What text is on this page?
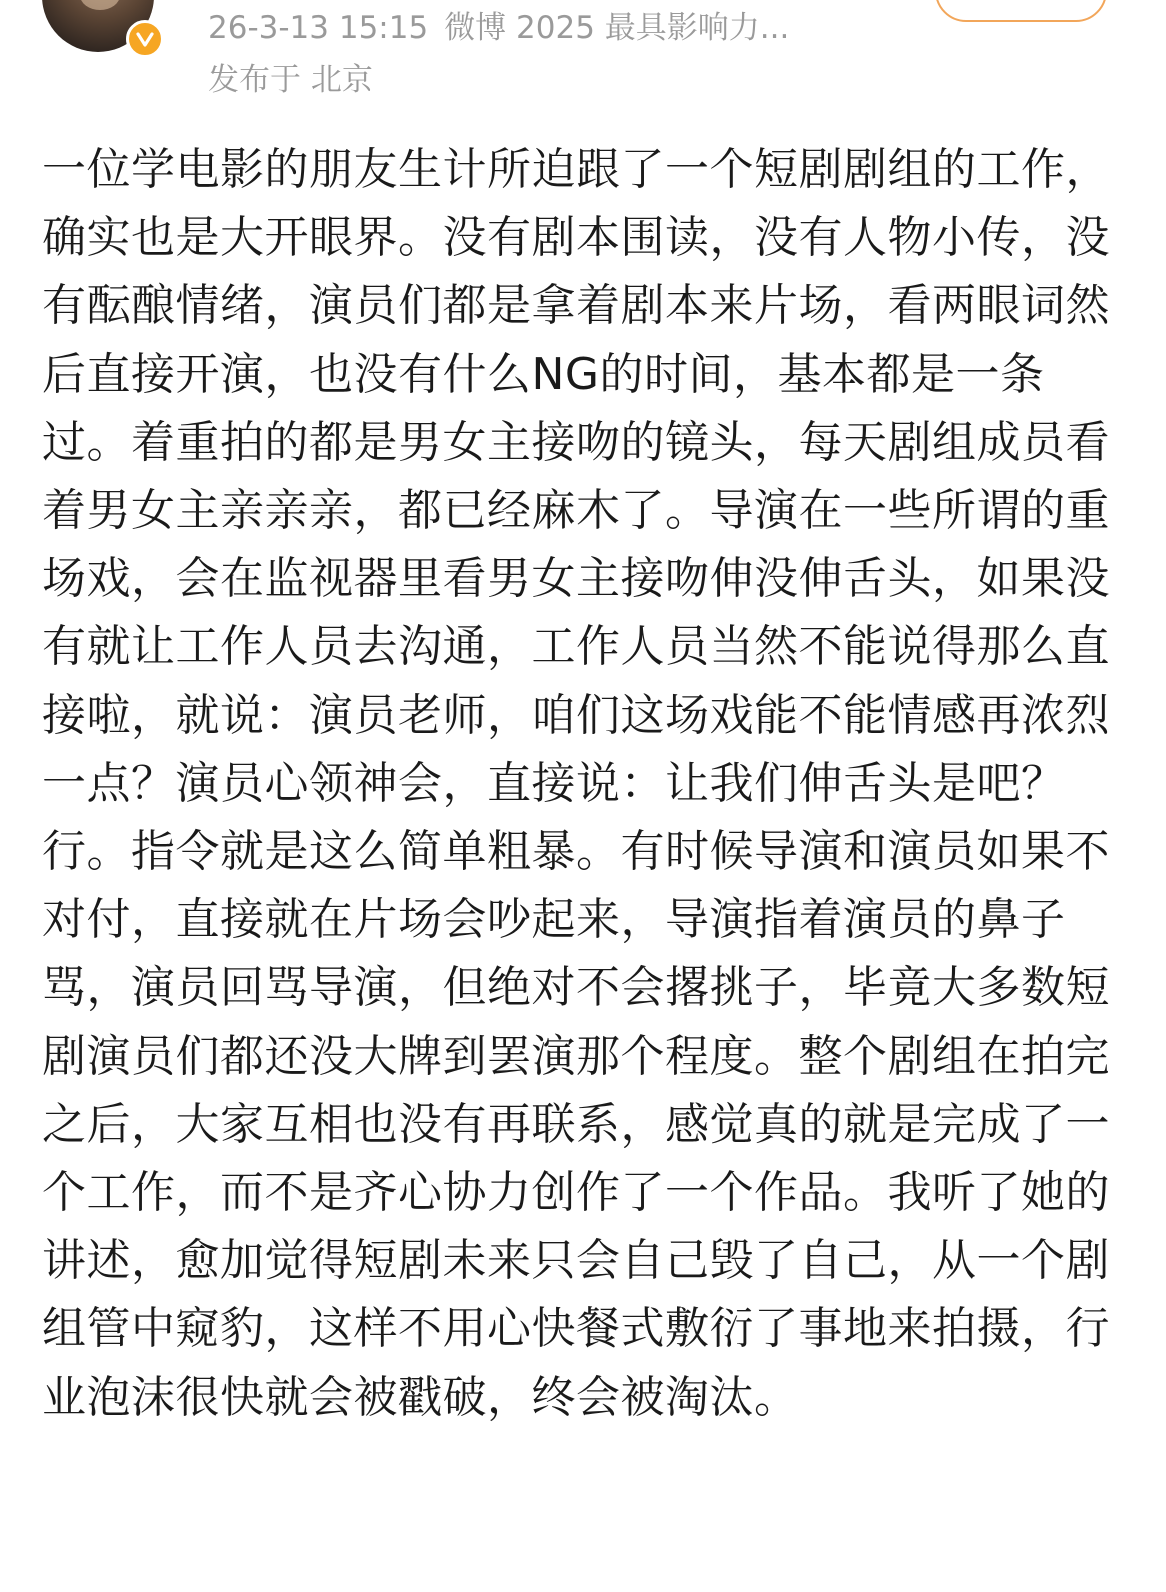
26-3-13 15:15 微博 2025 最具影响力...
发布于 北京

一位学电影的朋友生计所迫跟了一个短剧剧组的工作，确实也是大开眼界。没有剧本围读，没有人物小传，没有酝酿情绪，演员们都是拿着剧本来片场，看两眼词然后直接开演，也没有什么NG的时间，基本都是一条过。着重拍的都是男女主接吻的镜头，每天剧组成员看着男女主亲亲亲，都已经麻木了。导演在一些所谓的重场戏，会在监视器里看男女主接吻伸没伸舌头，如果没有就让工作人员去沟通，工作人员当然不能说得那么直接啦，就说：演员老师，咱们这场戏能不能情感再浓烈一点？演员心领神会，直接说：让我们伸舌头是吧？行。指令就是这么简单粗暴。有时候导演和演员如果不对付，直接就在片场会吵起来，导演指着演员的鼻子骂，演员回骂导演，但绝对不会撂挑子，毕竟大多数短剧演员们都还没大牌到罢演那个程度。整个剧组在拍完之后，大家互相也没有再联系，感觉真的就是完成了一个工作，而不是齐心协力创作了一个作品。我听了她的讲述，愈加觉得短剧未来只会自己毁了自己，从一个剧组管中窥豹，这样不用心快餐式敷衍了事地来拍摄，行业泡沫很快就会被戳破，终会被淘汰。
